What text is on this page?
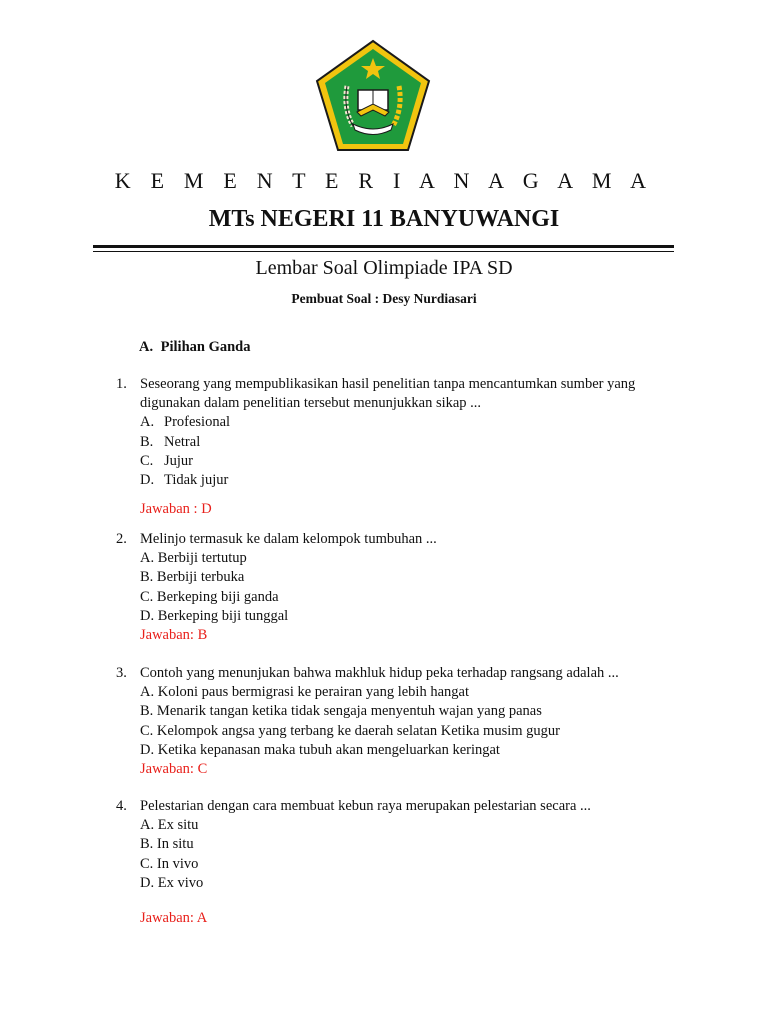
K E M E N T E R I A N A G A M A
MTs NEGERI 11 BANYUWANGI
Lembar Soal Olimpiade IPA SD
Pembuat Soal : Desy Nurdiasari
A. Pilihan Ganda
1. Seseorang yang mempublikasikan hasil penelitian tanpa mencantumkan sumber yang digunakan dalam penelitian tersebut menunjukkan sikap ...

A. Profesional

B. Netral

C. Jujur

D. Tidak jujur

Jawaban : D

2. Melinjo termasuk ke dalam kelompok tumbuhan ...

A. Berbiji tertutup

B. Berbiji terbuka

C. Berkeping biji ganda

D. Berkeping biji tunggal

Jawaban: B

3. Contoh yang menunjukan bahwa makhluk hidup peka terhadap rangsang adalah ...

A. Koloni paus bermigrasi ke perairan yang lebih hangat

B. Menarik tangan ketika tidak sengaja menyentuh wajan yang panas

C. Kelompok angsa yang terbang ke daerah selatan Ketika musim gugur

D. Ketika kepanasan maka tubuh akan mengeluarkan keringat

Jawaban: C

4. Pelestarian dengan cara membuat kebun raya merupakan pelestarian secara ...

A. Ex situ

B. In situ

C. In vivo

D. Ex vivo

Jawaban: A
